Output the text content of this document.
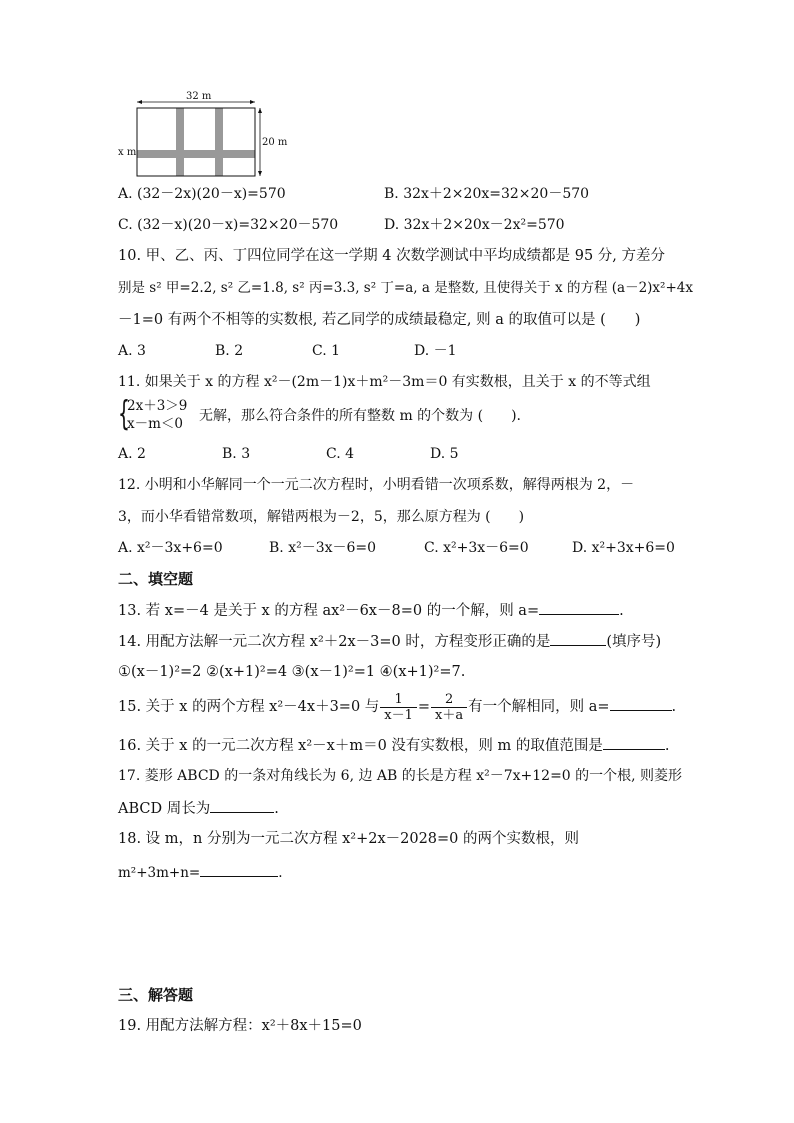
32 m
20 m
x m
A. (32－2x)(20－x)=570	B. 32x＋2×20x=32×20－570
C. (32－x)(20－x)=32×20－570	D. 32x＋2×20x－2x²=570
10. 甲、乙、丙、丁四位同学在这一学期 4 次数学测试中平均成绩都是 95 分, 方差分
别是 s² 甲=2.2, s² 乙=1.8, s² 丙=3.3, s² 丁=a, a 是整数, 且使得关于 x 的方程 (a－2)x²+4x
－1=0 有两个不相等的实数根, 若乙同学的成绩最稳定, 则 a 的取值可以是 (　　)
A. 3	B. 2	C. 1	D. －1
11. 如果关于 x 的方程 x²－(2m－1)x＋m²－3m＝0 有实数根，且关于 x 的不等式组
{
2x＋3＞9
x－m＜0 无解，那么符合条件的所有整数 m 的个数为 (　　).
A. 2	B. 3	C. 4	D. 5
12. 小明和小华解同一个一元二次方程时，小明看错一次项系数，解得两根为 2，－
3，而小华看错常数项，解错两根为－2，5，那么原方程为 (　　)
A. x²－3x+6=0	B. x²－3x－6=0	C. x²+3x－6=0	D. x²+3x+6=0
二、填空题
13. 若 x=－4 是关于 x 的方程 ax²－6x－8=0 的一个解，则 a=	.
14. 用配方法解一元二次方程 x²＋2x－3=0 时，方程变形正确的是	(填序号)
①(x－1)²=2 ②(x+1)²=4 ③(x－1)²=1 ④(x+1)²=7.
15. 关于 x 的两个方程 x²－4x＋3=0 与 $\frac{1}{x-1} = \frac{2}{x+a}$ 有一个解相同，则 a=	.
16. 关于 x 的一元二次方程 x²－x＋m＝0 没有实数根，则 m 的取值范围是	.
17. 菱形 ABCD 的一条对角线长为 6, 边 AB 的长是方程 x²－7x+12=0 的一个根, 则菱形
ABCD 周长为	.
18. 设 m，n 分别为一元二次方程 x²+2x－2028=0 的两个实数根，则
m²+3m+n=	.
三、解答题
19. 用配方法解方程：x²＋8x＋15=0
